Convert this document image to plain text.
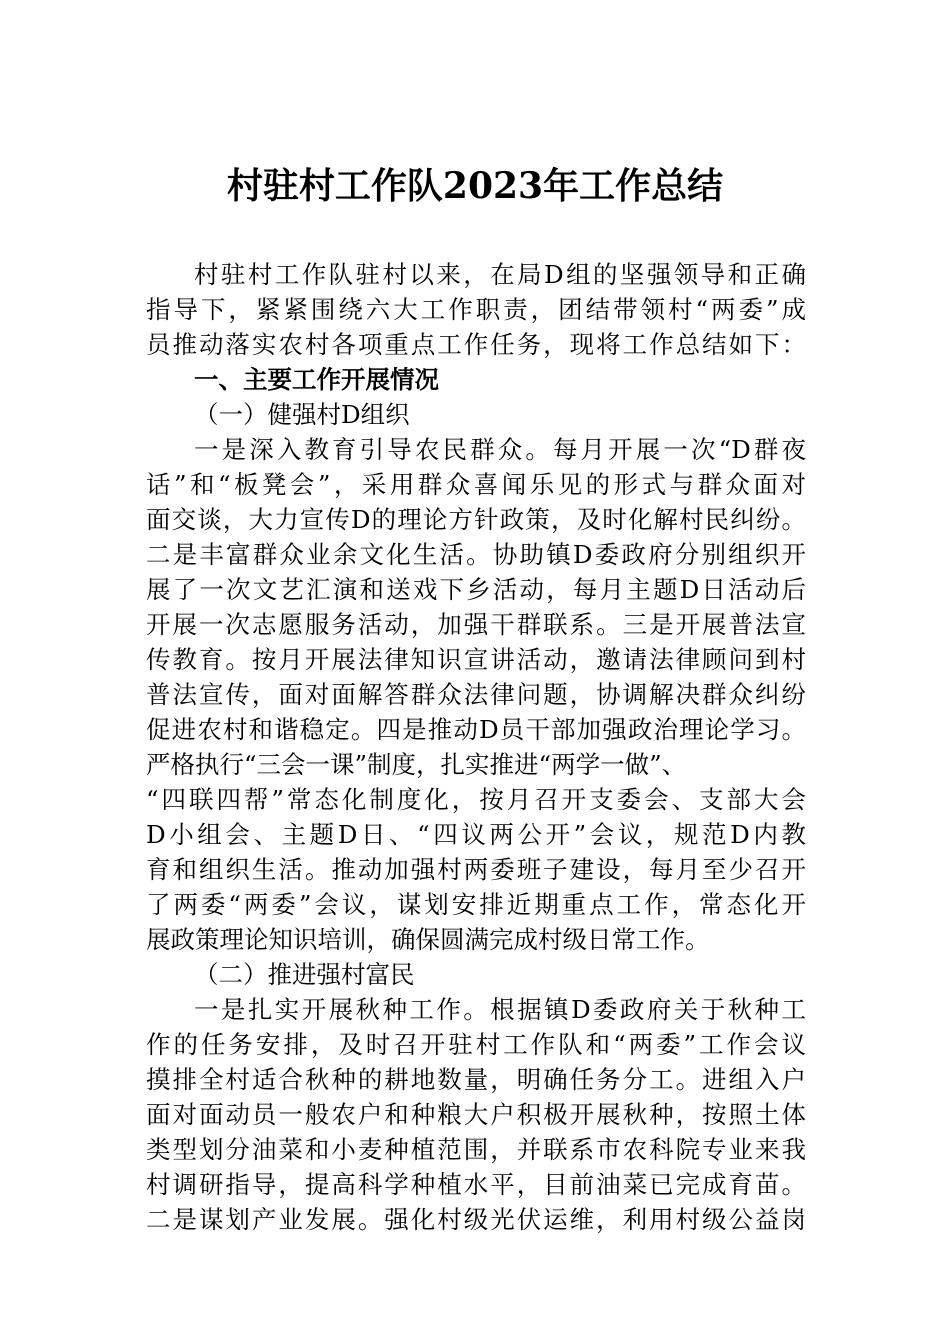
村驻村工作队2023年工作总结
村驻村工作队驻村以来，在局D组的坚强领导和正确
指导下，紧紧围绕六大工作职责，团结带领村“两委”成
员推动落实农村各项重点工作任务，现将工作总结如下：
一、主要工作开展情况
（一）健强村D组织
一是深入教育引导农民群众。每月开展一次“D群夜
话”和“板凳会”，采用群众喜闻乐见的形式与群众面对
面交谈，大力宣传D的理论方针政策，及时化解村民纠纷。
二是丰富群众业余文化生活。协助镇D委政府分别组织开
展了一次文艺汇演和送戏下乡活动，每月主题D日活动后
开展一次志愿服务活动，加强干群联系。三是开展普法宣
传教育。按月开展法律知识宣讲活动，邀请法律顾问到村
普法宣传，面对面解答群众法律问题，协调解决群众纠纷
促进农村和谐稳定。四是推动D员干部加强政治理论学习。
严格执行“三会一课”制度，扎实推进“两学一做”、
“四联四帮”常态化制度化，按月召开支委会、支部大会
D小组会、主题D日、“四议两公开”会议，规范D内教
育和组织生活。推动加强村两委班子建设，每月至少召开
了两委“两委”会议，谋划安排近期重点工作，常态化开
展政策理论知识培训，确保圆满完成村级日常工作。
（二）推进强村富民
一是扎实开展秋种工作。根据镇D委政府关于秋种工
作的任务安排，及时召开驻村工作队和“两委”工作会议
摸排全村适合秋种的耕地数量，明确任务分工。进组入户
面对面动员一般农户和种粮大户积极开展秋种，按照土体
类型划分油菜和小麦种植范围，并联系市农科院专业来我
村调研指导，提高科学种植水平，目前油菜已完成育苗。
二是谋划产业发展。强化村级光伏运维，利用村级公益岗
